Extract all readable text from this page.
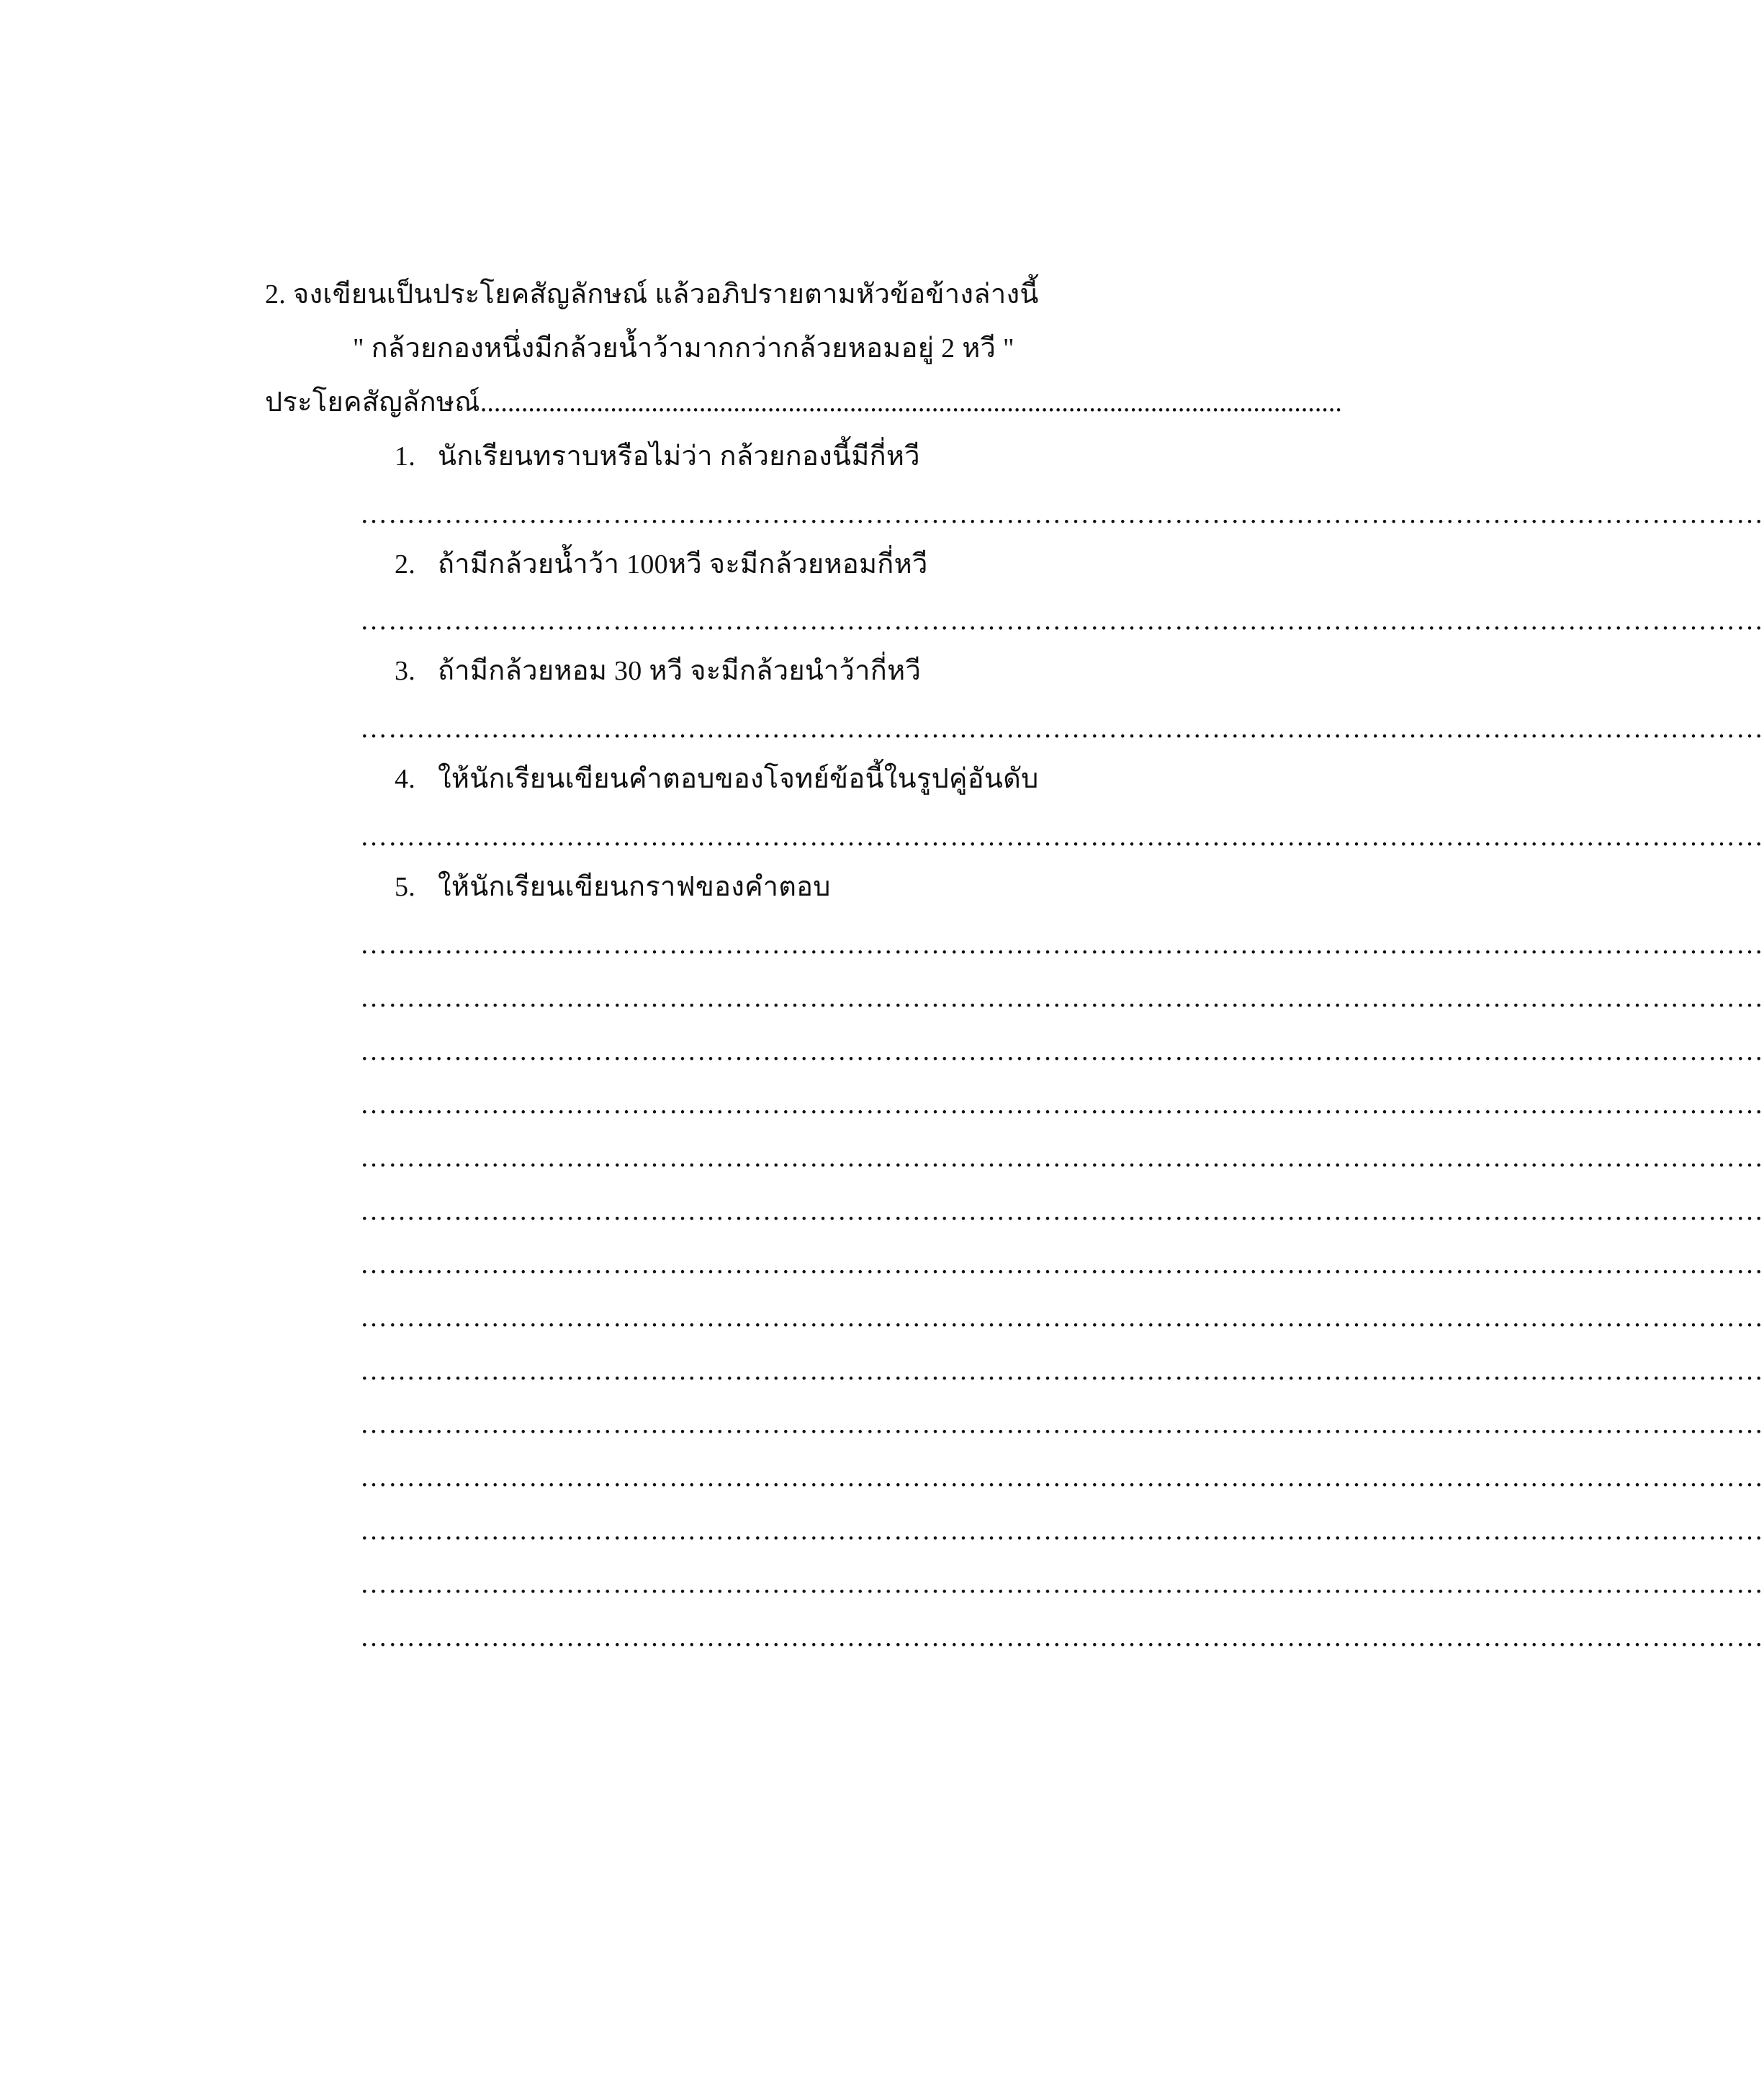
2. จงเขียนเป็นประโยคสัญลักษณ์ แล้วอภิปรายตามหัวข้อข้างล่างนี้
" กล้วยกองหนึ่งมีกล้วยน้ำว้ามากกว่ากล้วยหอมอยู่ 2 หวี "
ประโยคสัญลักษณ์..............................................................................................................................
1. นักเรียนทราบหรือไม่ว่า กล้วยกองนี้มีกี่หวี
……………………………………………………………………………………………………………………………………
2. ถ้ามีกล้วยน้ำว้า 100หวี จะมีกล้วยหอมกี่หวี
……………………………………………………………………………………………………………………………………
3. ถ้ามีกล้วยหอม 30 หวี จะมีกล้วยนำว้ากี่หวี
……………………………………………………………………………………………………………………………………
4. ให้นักเรียนเขียนคำตอบของโจทย์ข้อนี้ในรูปคู่อันดับ
……………………………………………………………………………………………………………………………………
5. ให้นักเรียนเขียนกราฟของคำตอบ
……………………………………………………………………………………………………………………………………
……………………………………………………………………………………………………………………………………
……………………………………………………………………………………………………………………………………
……………………………………………………………………………………………………………………………………
……………………………………………………………………………………………………………………………………
……………………………………………………………………………………………………………………………………
……………………………………………………………………………………………………………………………………
……………………………………………………………………………………………………………………………………
……………………………………………………………………………………………………………………………………
……………………………………………………………………………………………………………………………………
……………………………………………………………………………………………………………………………………
……………………………………………………………………………………………………………………………………
……………………………………………………………………………………………………………………………………
……………………………………………………………………………………………………………………………………
